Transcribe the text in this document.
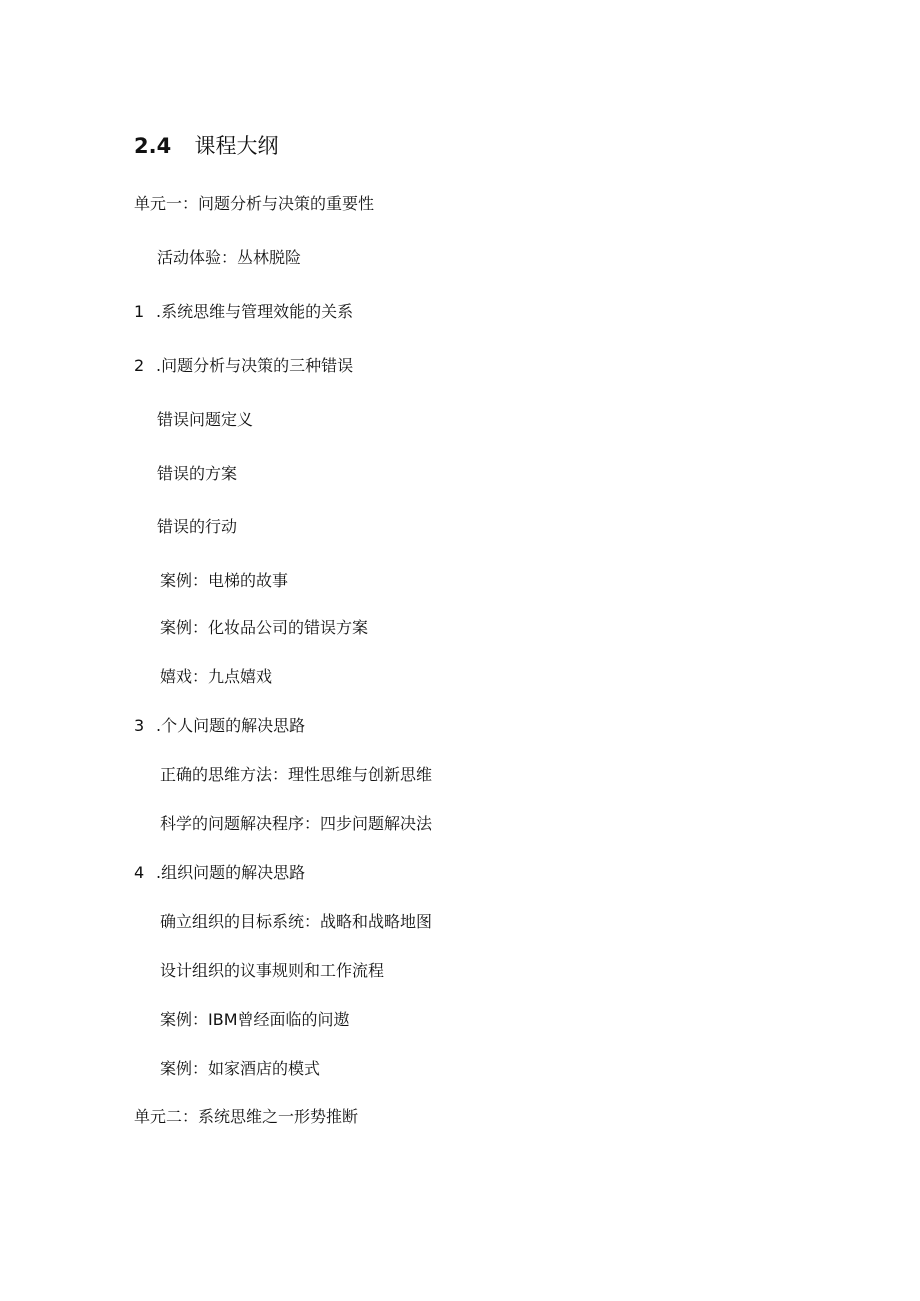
2.4 课程大纲
单元一：问题分析与决策的重要性
活动体验：丛林脱险
1 .系统思维与管理效能的关系
2 .问题分析与决策的三种错误
错误问题定义
错误的方案
错误的行动
案例：电梯的故事
案例：化妆品公司的错误方案
嬉戏：九点嬉戏
3 .个人问题的解决思路
正确的思维方法：理性思维与创新思维
科学的问题解决程序：四步问题解决法
4 .组织问题的解决思路
确立组织的目标系统：战略和战略地图
设计组织的议事规则和工作流程
案例：IBM曾经面临的问遨
案例：如家酒店的模式
单元二：系统思维之一形势推断
